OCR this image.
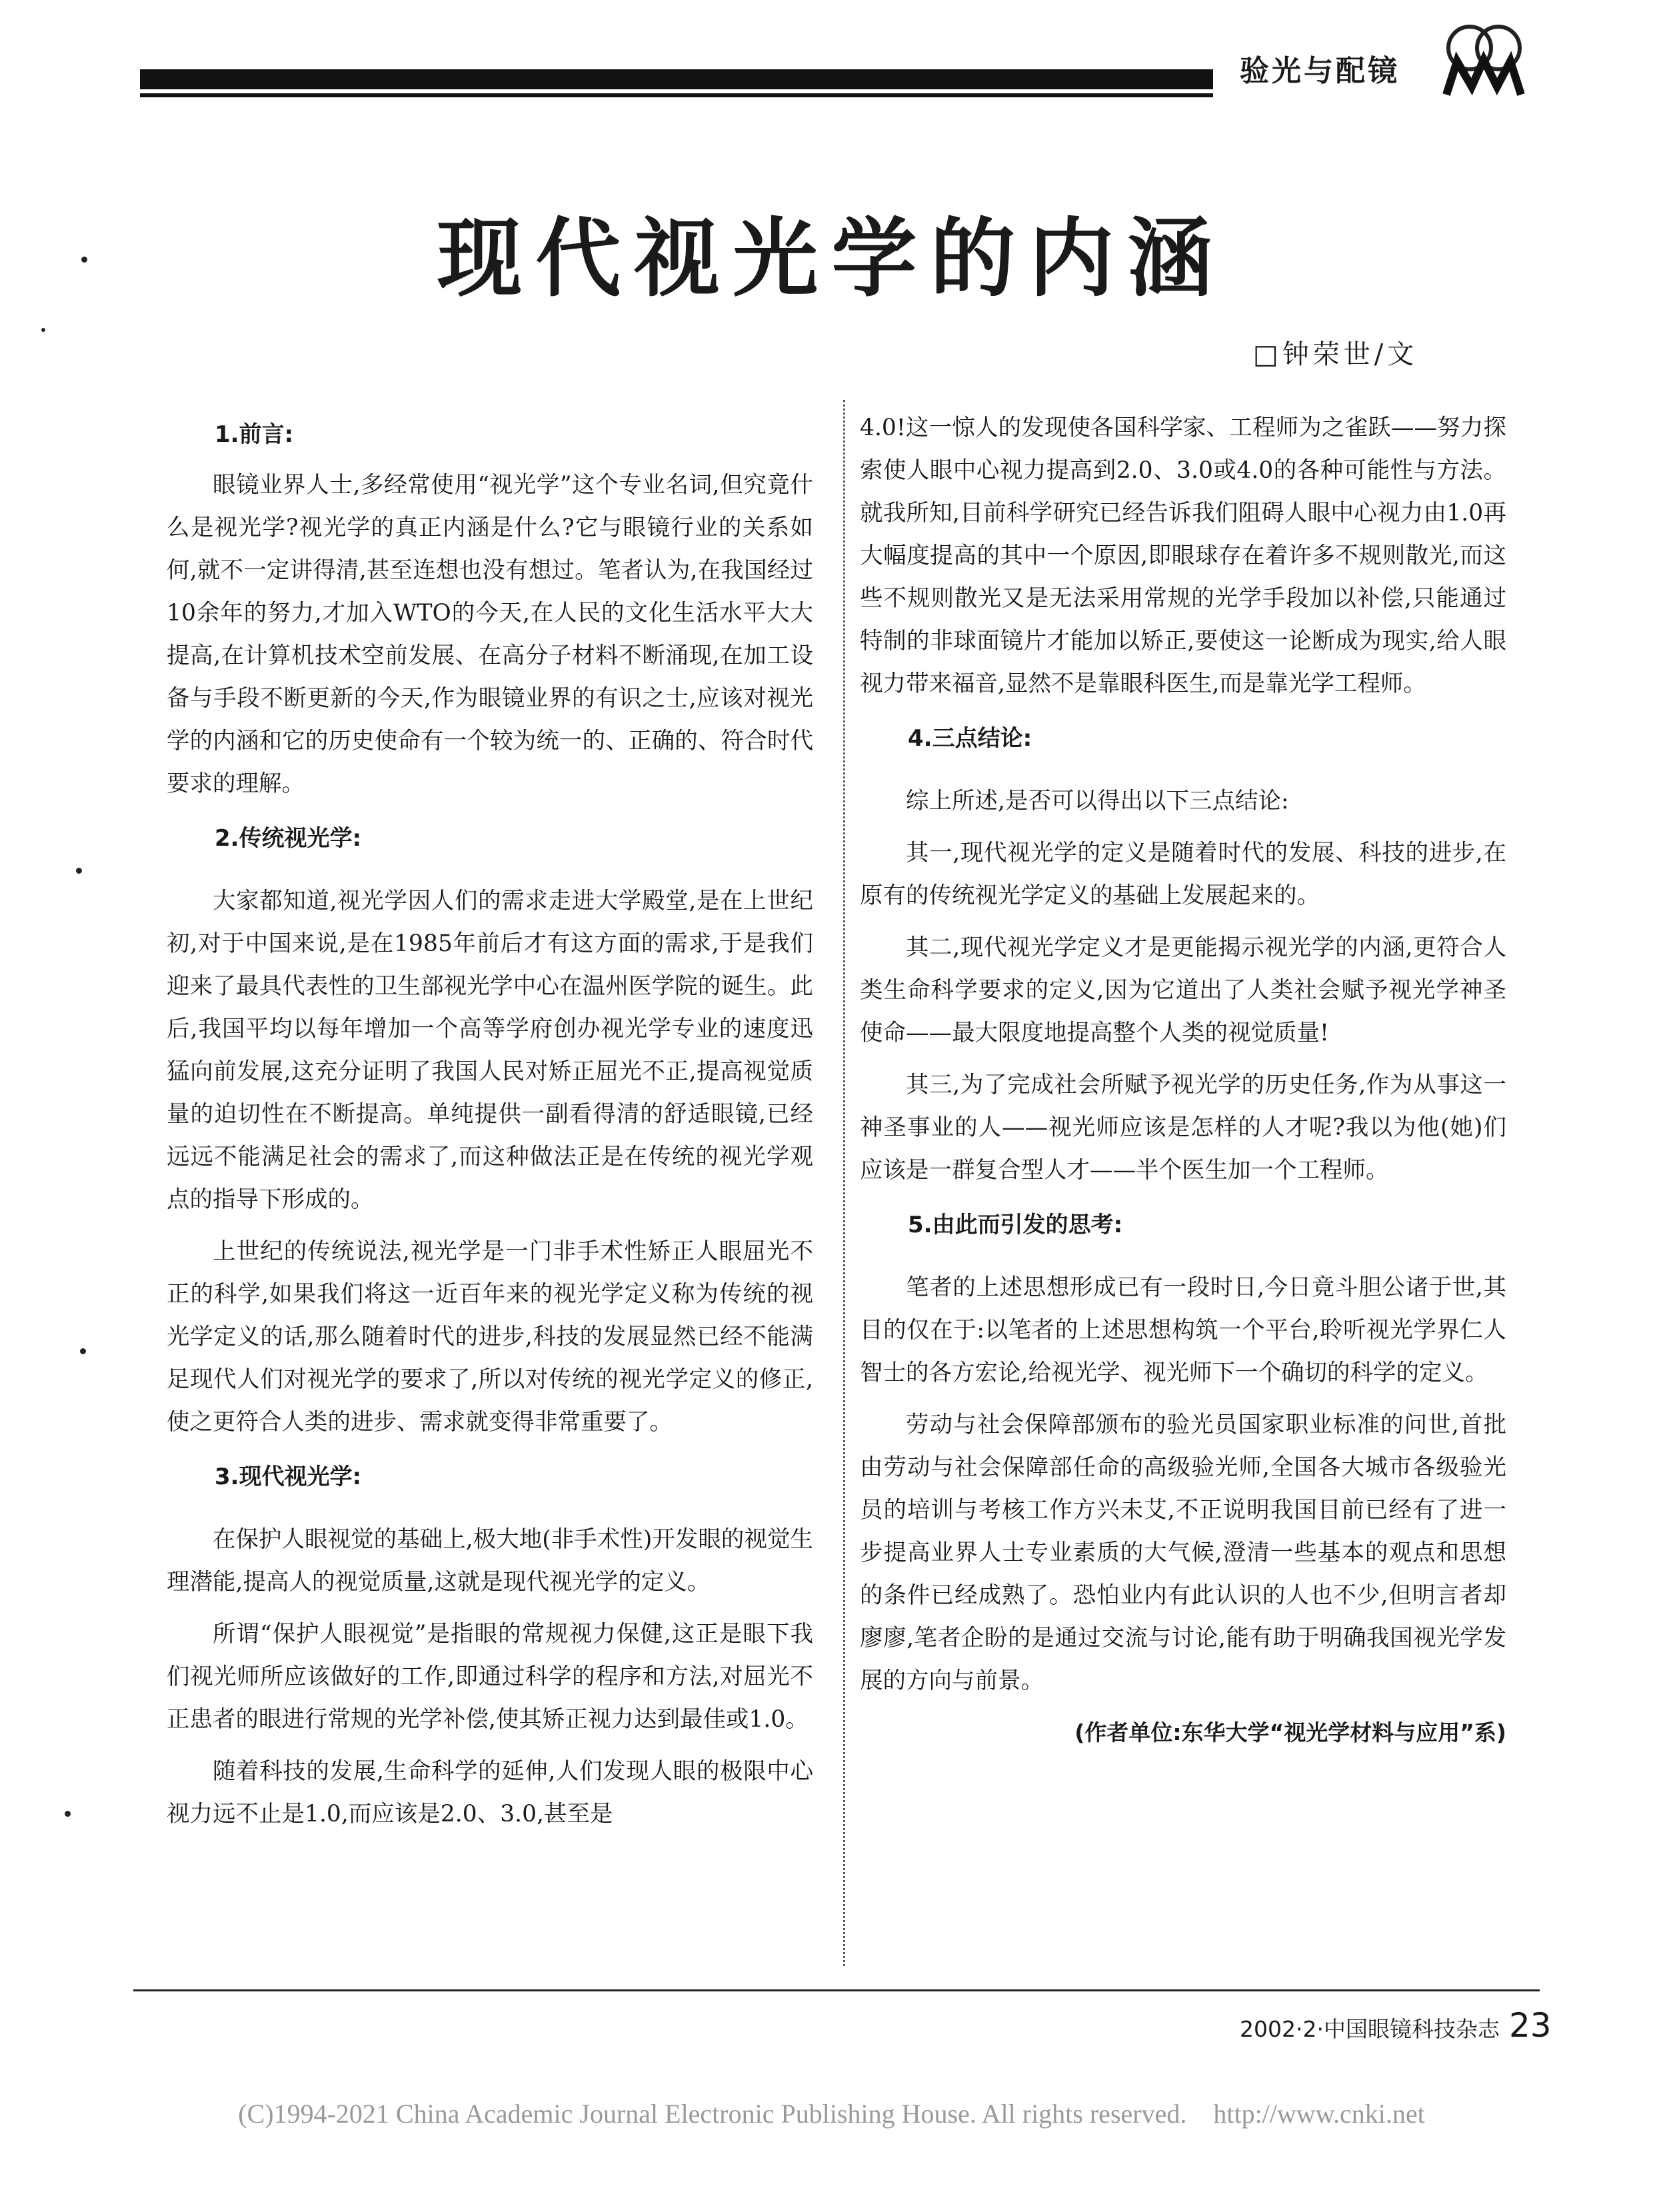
验光与配镜
现代视光学的内涵
□钟荣世/文
1.前言:

眼镜业界人士,多经常使用“视光学”这个专业名词,但究竟什么是视光学?视光学的真正内涵是什么?它与眼镜行业的关系如何,就不一定讲得清,甚至连想也没有想过。笔者认为,在我国经过10余年的努力,才加入WTO的今天,在人民的文化生活水平大大提高,在计算机技术空前发展、在高分子材料不断涌现,在加工设备与手段不断更新的今天,作为眼镜业界的有识之士,应该对视光学的内涵和它的历史使命有一个较为统一的、正确的、符合时代要求的理解。

2.传统视光学:

大家都知道,视光学因人们的需求走进大学殿堂,是在上世纪初,对于中国来说,是在1985年前后才有这方面的需求,于是我们迎来了最具代表性的卫生部视光学中心在温州医学院的诞生。此后,我国平均以每年增加一个高等学府创办视光学专业的速度迅猛向前发展,这充分证明了我国人民对矫正屈光不正,提高视觉质量的迫切性在不断提高。单纯提供一副看得清的舒适眼镜,已经远远不能满足社会的需求了,而这种做法正是在传统的视光学观点的指导下形成的。

上世纪的传统说法,视光学是一门非手术性矫正人眼屈光不正的科学,如果我们将这一近百年来的视光学定义称为传统的视光学定义的话,那么随着时代的进步,科技的发展显然已经不能满足现代人们对视光学的要求了,所以对传统的视光学定义的修正,使之更符合人类的进步、需求就变得非常重要了。

3.现代视光学:

在保护人眼视觉的基础上,极大地(非手术性)开发眼的视觉生理潜能,提高人的视觉质量,这就是现代视光学的定义。

所谓“保护人眼视觉”是指眼的常规视力保健,这正是眼下我们视光师所应该做好的工作,即通过科学的程序和方法,对屈光不正患者的眼进行常规的光学补偿,使其矫正视力达到最佳或1.0。

随着科技的发展,生命科学的延伸,人们发现人眼的极限中心视力远不止是1.0,而应该是2.0、3.0,甚至是

4.0!这一惊人的发现使各国科学家、工程师为之雀跃——努力探索使人眼中心视力提高到2.0、3.0或4.0的各种可能性与方法。就我所知,目前科学研究已经告诉我们阻碍人眼中心视力由1.0再大幅度提高的其中一个原因,即眼球存在着许多不规则散光,而这些不规则散光又是无法采用常规的光学手段加以补偿,只能通过特制的非球面镜片才能加以矫正,要使这一论断成为现实,给人眼视力带来福音,显然不是靠眼科医生,而是靠光学工程师。

4.三点结论:

综上所述,是否可以得出以下三点结论:

其一,现代视光学的定义是随着时代的发展、科技的进步,在原有的传统视光学定义的基础上发展起来的。

其二,现代视光学定义才是更能揭示视光学的内涵,更符合人类生命科学要求的定义,因为它道出了人类社会赋予视光学神圣使命——最大限度地提高整个人类的视觉质量!

其三,为了完成社会所赋予视光学的历史任务,作为从事这一神圣事业的人——视光师应该是怎样的人才呢?我以为他(她)们应该是一群复合型人才——半个医生加一个工程师。

5.由此而引发的思考:

笔者的上述思想形成已有一段时日,今日竟斗胆公诸于世,其目的仅在于:以笔者的上述思想构筑一个平台,聆听视光学界仁人智士的各方宏论,给视光学、视光师下一个确切的科学的定义。

劳动与社会保障部颁布的验光员国家职业标准的问世,首批由劳动与社会保障部任命的高级验光师,全国各大城市各级验光员的培训与考核工作方兴未艾,不正说明我国目前已经有了进一步提高业界人士专业素质的大气候,澄清一些基本的观点和思想的条件已经成熟了。恐怕业内有此认识的人也不少,但明言者却廖廖,笔者企盼的是通过交流与讨论,能有助于明确我国视光学发展的方向与前景。

(作者单位:东华大学“视光学材料与应用”系)
2002·2·中国眼镜科技杂志 23
(C)1994-2021 China Academic Journal Electronic Publishing House. All rights reserved. http://www.cnki.net
